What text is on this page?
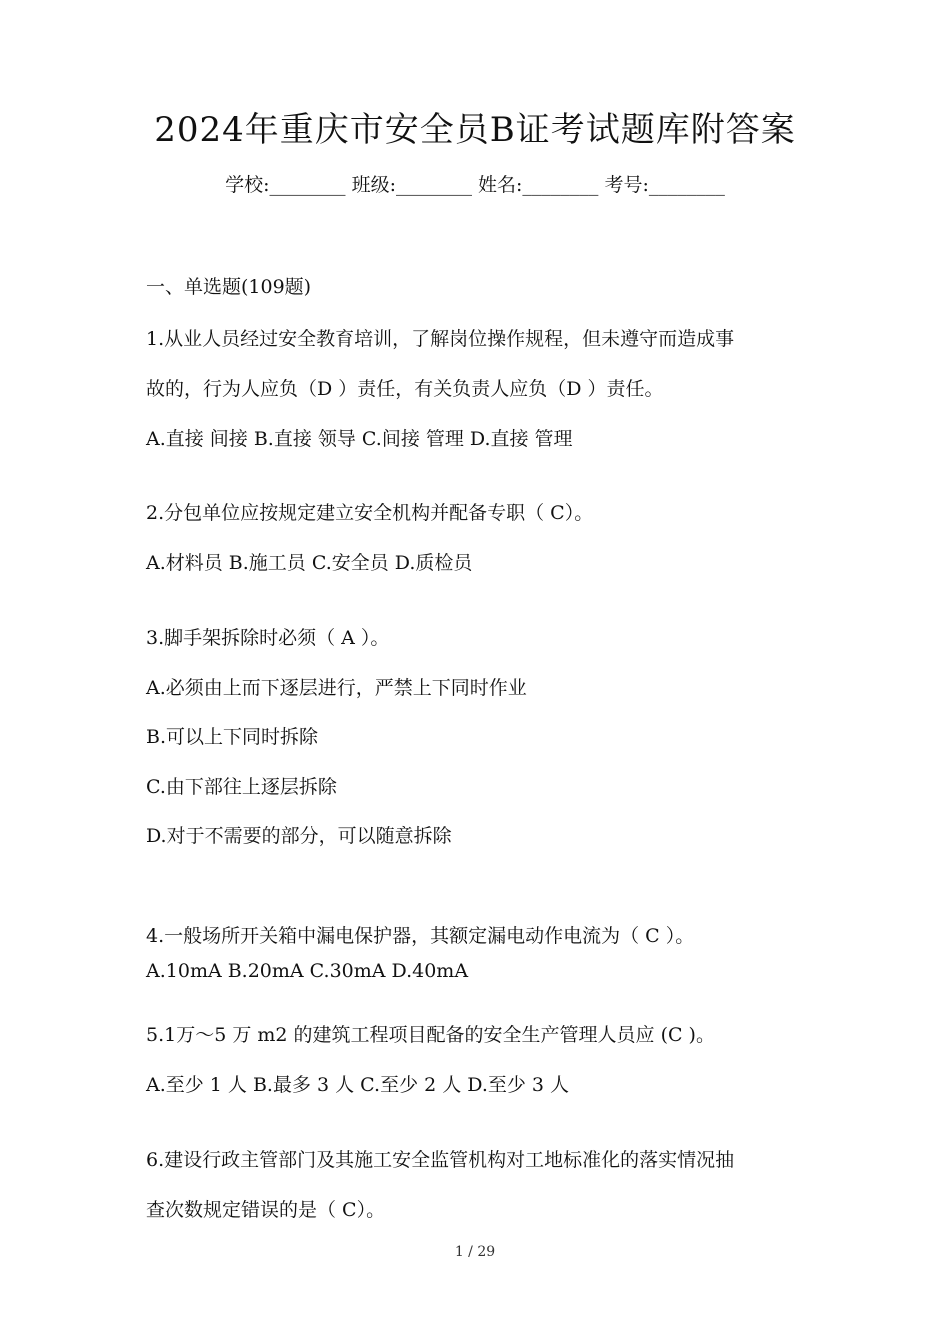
2024年重庆市安全员B证考试题库附答案
学校:________ 班级:________ 姓名:________ 考号:________

一、单选题(109题)

1.从业人员经过安全教育培训，了解岗位操作规程，但未遵守而造成事

故的，行为人应负（D ）责任，有关负责人应负（D ）责任。

A.直接 间接 B.直接 领导 C.间接 管理 D.直接 管理

2.分包单位应按规定建立安全机构并配备专职（ C）。

A.材料员 B.施工员 C.安全员 D.质检员

3.脚手架拆除时必须（ A ）。

A.必须由上而下逐层进行，严禁上下同时作业

B.可以上下同时拆除

C.由下部往上逐层拆除

D.对于不需要的部分，可以随意拆除

4.一般场所开关箱中漏电保护器，其额定漏电动作电流为（ C ）。

A.10mA B.20mA C.30mA D.40mA

5.1万～5 万 m2 的建筑工程项目配备的安全生产管理人员应 (C )。

A.至少 1 人 B.最多 3 人 C.至少 2 人 D.至少 3 人

6.建设行政主管部门及其施工安全监管机构对工地标准化的落实情况抽

查次数规定错误的是（ C）。

1 / 29
